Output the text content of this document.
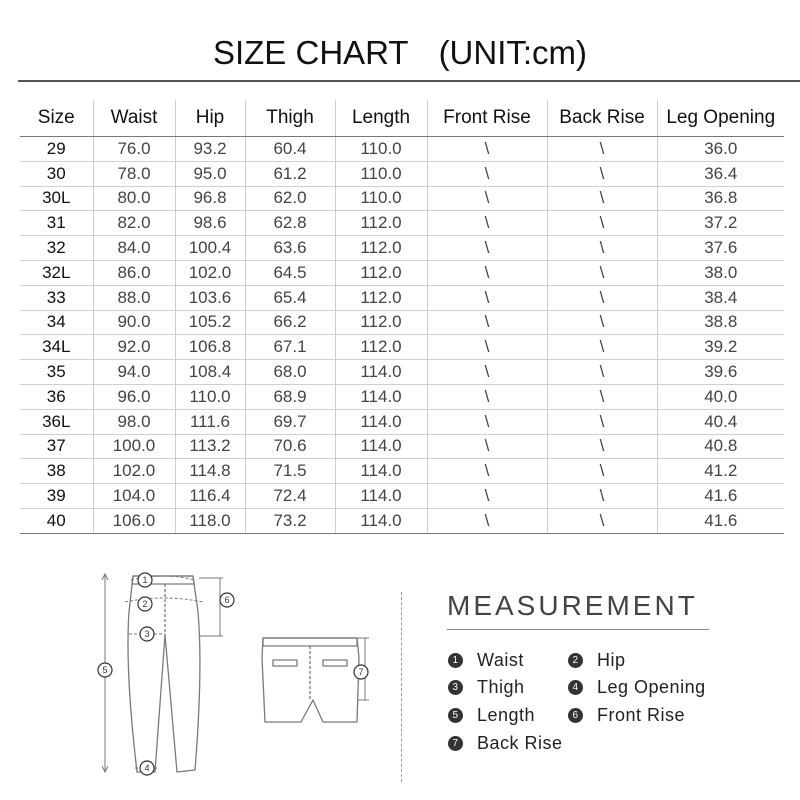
SIZE CHART (UNIT:cm)
Size	Waist	Hip	Thigh	Length	Front Rise	Back Rise	Leg Opening
29	76.0	93.2	60.4	110.0	\	\	36.0
30	78.0	95.0	61.2	110.0	\	\	36.4
30L	80.0	96.8	62.0	110.0	\	\	36.8
31	82.0	98.6	62.8	112.0	\	\	37.2
32	84.0	100.4	63.6	112.0	\	\	37.6
32L	86.0	102.0	64.5	112.0	\	\	38.0
33	88.0	103.6	65.4	112.0	\	\	38.4
34	90.0	105.2	66.2	112.0	\	\	38.8
34L	92.0	106.8	67.1	112.0	\	\	39.2
35	94.0	108.4	68.0	114.0	\	\	39.6
36	96.0	110.0	68.9	114.0	\	\	40.0
36L	98.0	111.6	69.7	114.0	\	\	40.4
37	100.0	113.2	70.6	114.0	\	\	40.8
38	102.0	114.8	71.5	114.0	\	\	41.2
39	104.0	116.4	72.4	114.0	\	\	41.6
40	106.0	118.0	73.2	114.0	\	\	41.6
1
2
3
4
5
6
7
MEASUREMENT
1 Waist	2 Hip
3 Thigh	4 Leg Opening
5 Length	6 Front Rise
7 Back Rise
